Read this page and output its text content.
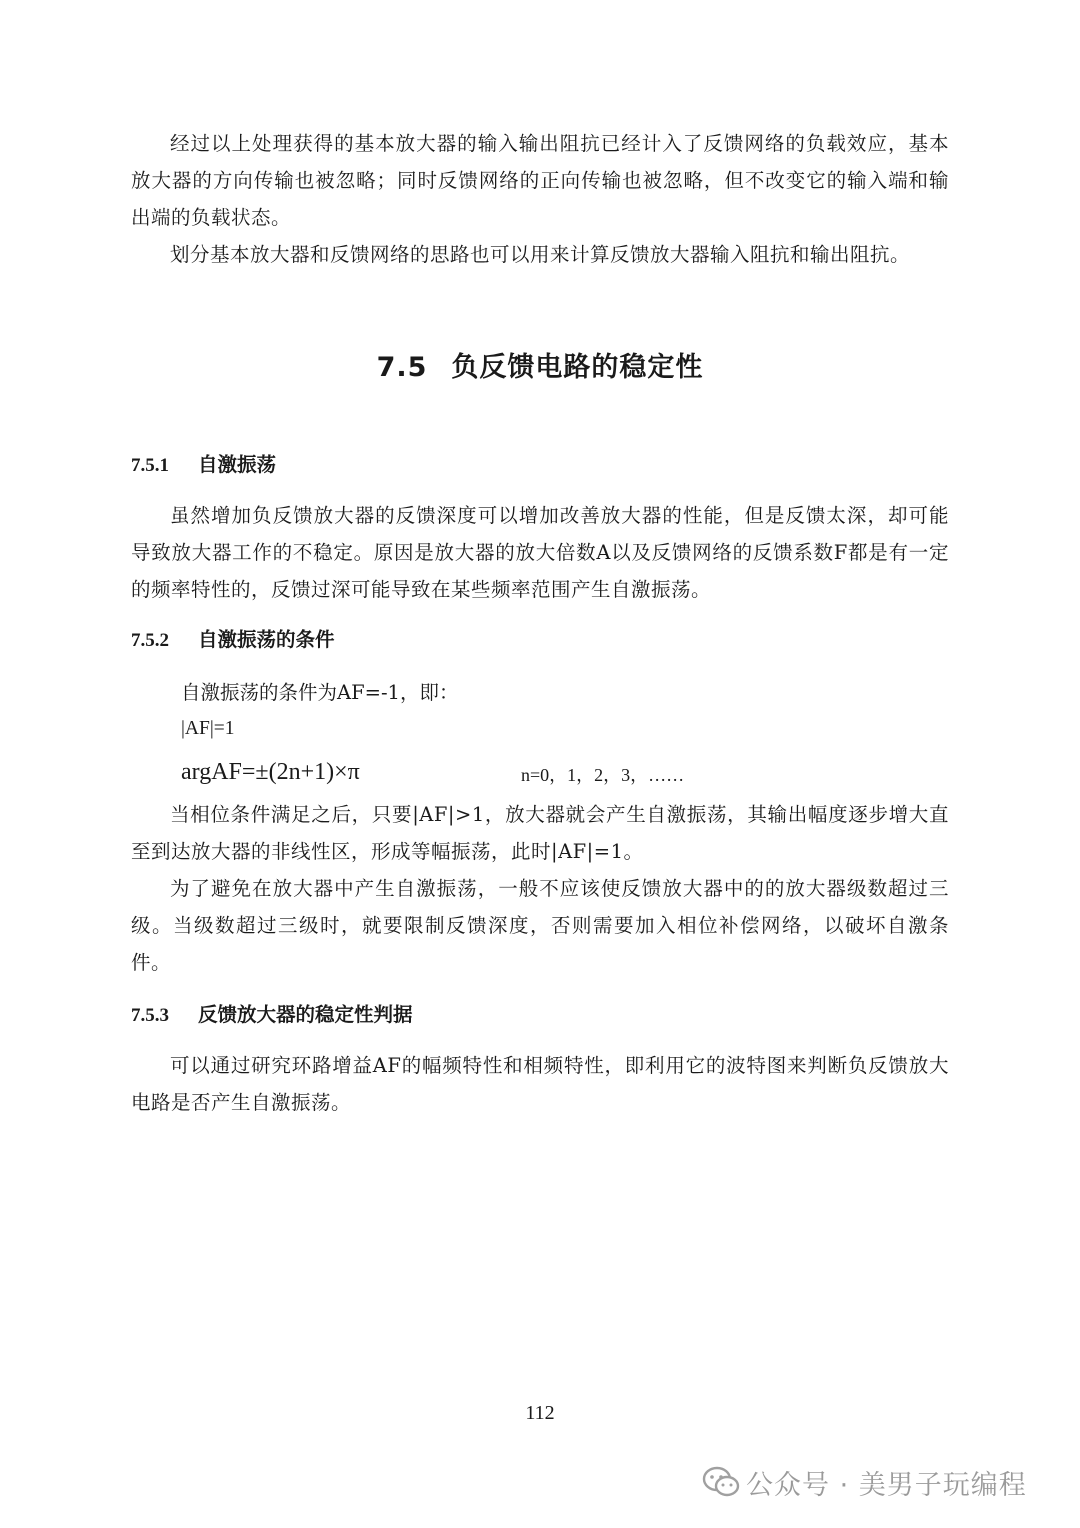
经过以上处理获得的基本放大器的输入输出阻抗已经计入了反馈网络的负载效应，基本放大器的方向传输也被忽略；同时反馈网络的正向传输也被忽略，但不改变它的输入端和输出端的负载状态。

划分基本放大器和反馈网络的思路也可以用来计算反馈放大器输入阻抗和输出阻抗。

7.5 负反馈电路的稳定性
7.5.1 自激振荡

虽然增加负反馈放大器的反馈深度可以增加改善放大器的性能，但是反馈太深，却可能导致放大器工作的不稳定。原因是放大器的放大倍数A以及反馈网络的反馈系数F都是有一定的频率特性的，反馈过深可能导致在某些频率范围产生自激振荡。

7.5.2 自激振荡的条件

自激振荡的条件为AF=-1，即：

|AF|=1

argAF=±(2n+1)×π	n=0，1，2，3，……

当相位条件满足之后，只要|AF|>1，放大器就会产生自激振荡，其输出幅度逐步增大直至到达放大器的非线性区，形成等幅振荡，此时|AF|=1。

为了避免在放大器中产生自激振荡，一般不应该使反馈放大器中的的放大器级数超过三级。当级数超过三级时，就要限制反馈深度，否则需要加入相位补偿网络，以破坏自激条件。

7.5.3 反馈放大器的稳定性判据

可以通过研究环路增益AF的幅频特性和相频特性，即利用它的波特图来判断负反馈放大电路是否产生自激振荡。

112
公众号 · 美男子玩编程
